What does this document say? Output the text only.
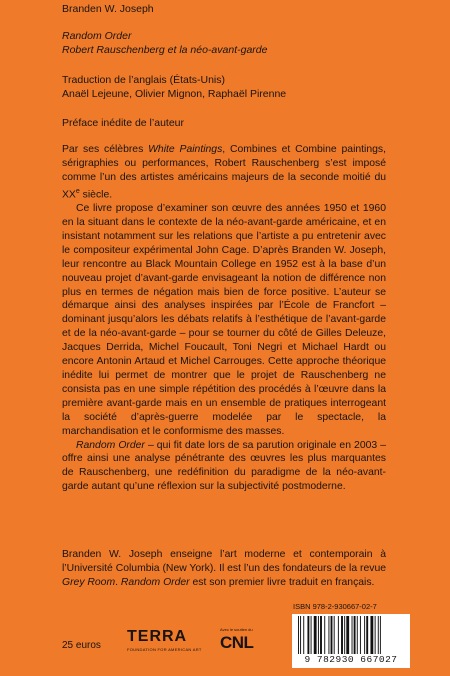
Branden W. Joseph
Random Order
Robert Rauschenberg et la néo-avant-garde
Traduction de l’anglais (États-Unis)
Anaël Lejeune, Olivier Mignon, Raphaël Pirenne
Préface inédite de l’auteur

Par ses célèbres White Paintings, Combines et Combine paintings, sérigraphies ou performances, Robert Rauschenberg s’est imposé comme l’un des artistes américains majeurs de la seconde moitié du XXe siècle.

Ce livre propose d’examiner son œuvre des années 1950 et 1960 en la situant dans le contexte de la néo-avant-garde américaine, et en insistant notamment sur les relations que l’artiste a pu entretenir avec le compositeur expérimental John Cage. D’après Branden W. Joseph, leur rencontre au Black Mountain College en 1952 est à la base d’un nouveau projet d’avant-garde envisageant la notion de différence non plus en termes de négation mais bien de force positive. L’auteur se démarque ainsi des analyses inspirées par l’École de Francfort – dominant jusqu’alors les débats relatifs à l’esthétique de l’avant-garde et de la néo-avant-garde – pour se tourner du côté de Gilles Deleuze, Jacques Derrida, Michel Foucault, Toni Negri et Michael Hardt ou encore Antonin Artaud et Michel Carrouges. Cette approche théorique inédite lui permet de montrer que le projet de Rauschenberg ne consista pas en une simple répétition des procédés à l’œuvre dans la première avant-garde mais en un ensemble de pratiques interrogeant la société d’après-guerre modelée par le spectacle, la marchandisation et le conformisme des masses.

Random Order – qui fit date lors de sa parution originale en 2003 – offre ainsi une analyse pénétrante des œuvres les plus marquantes de Rauschenberg, une redéfinition du paradigme de la néo-avant-garde autant qu’une réflexion sur la subjectivité postmoderne.

Branden W. Joseph enseigne l’art moderne et contemporain à l’Université Columbia (New York). Il est l’un des fondateurs de la revue Grey Room. Random Order est son premier livre traduit en français.

25 euros
TERRA
FOUNDATION FOR AMERICAN ART
Avec le soutien du
CNL
ISBN 978-2-930667-02-7
9 782930 667027
